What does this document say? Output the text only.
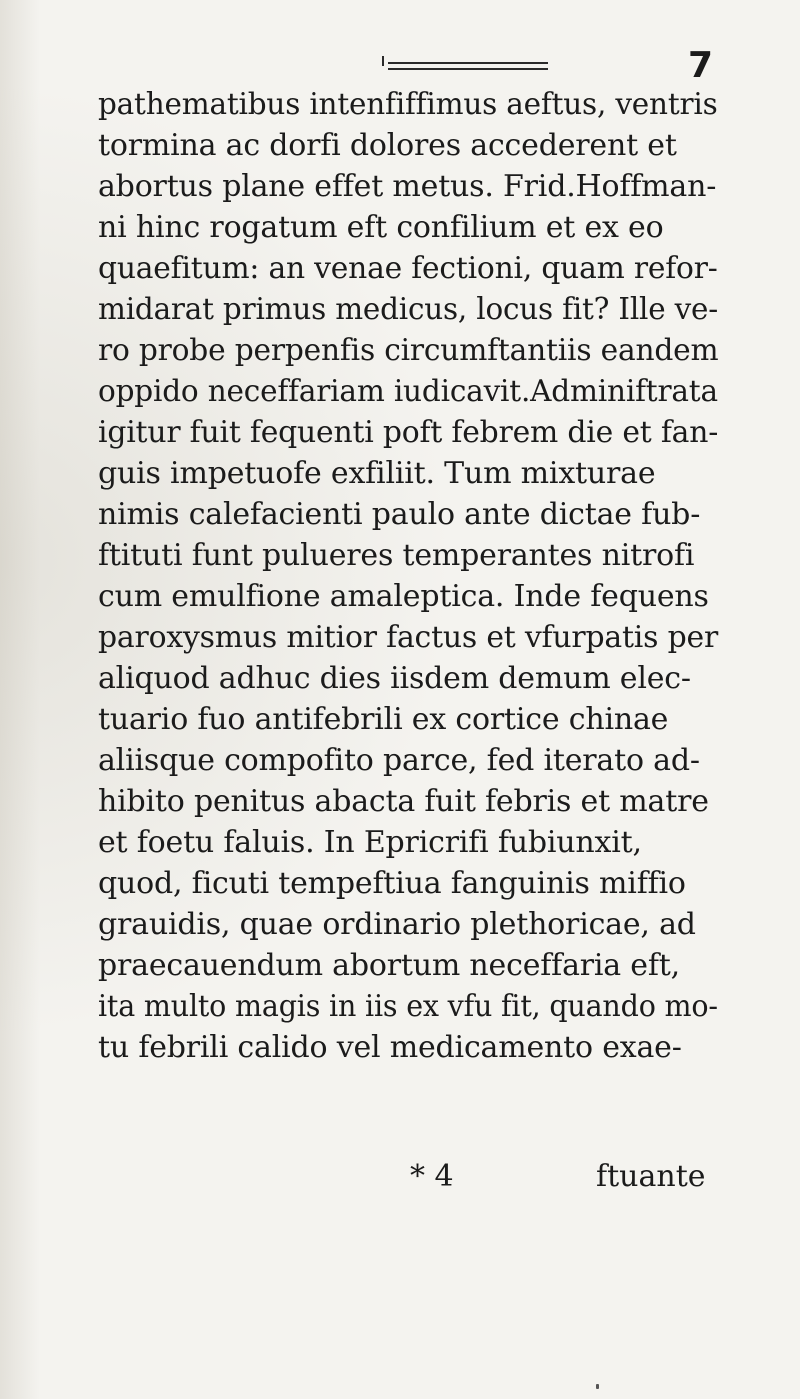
7
pathematibus intenfiffimus aeftus, ventris
tormina ac dorfi dolores accederent et
abortus plane effet metus. Frid.Hoffman-
ni hinc rogatum eft confilium et ex eo
quaefitum: an venae fectioni, quam refor-
midarat primus medicus, locus fit? Ille ve-
ro probe perpenfis circumftantiis eandem
oppido neceffariam iudicavit.Adminiftrata
igitur fuit fequenti poft febrem die et fan-
guis impetuofe exfiliit. Tum mixturae
nimis calefacienti paulo ante dictae fub-
ftituti funt pulueres temperantes nitrofi
cum emulfione amaleptica. Inde fequens
paroxysmus mitior factus et vfurpatis per
aliquod adhuc dies iisdem demum elec-
tuario fuo antifebrili ex cortice chinae
aliisque compofito parce, fed iterato ad-
hibito penitus abacta fuit febris et matre
et foetu faluis. In Epricrifi fubiunxit,
quod, ficuti tempeftiua fanguinis miffio
grauidis, quae ordinario plethoricae, ad
praecauendum abortum neceffaria eft,
ita multo magis in iis ex vfu fit, quando mo-
tu febrili calido vel medicamento exae-
* 4	ftuante
